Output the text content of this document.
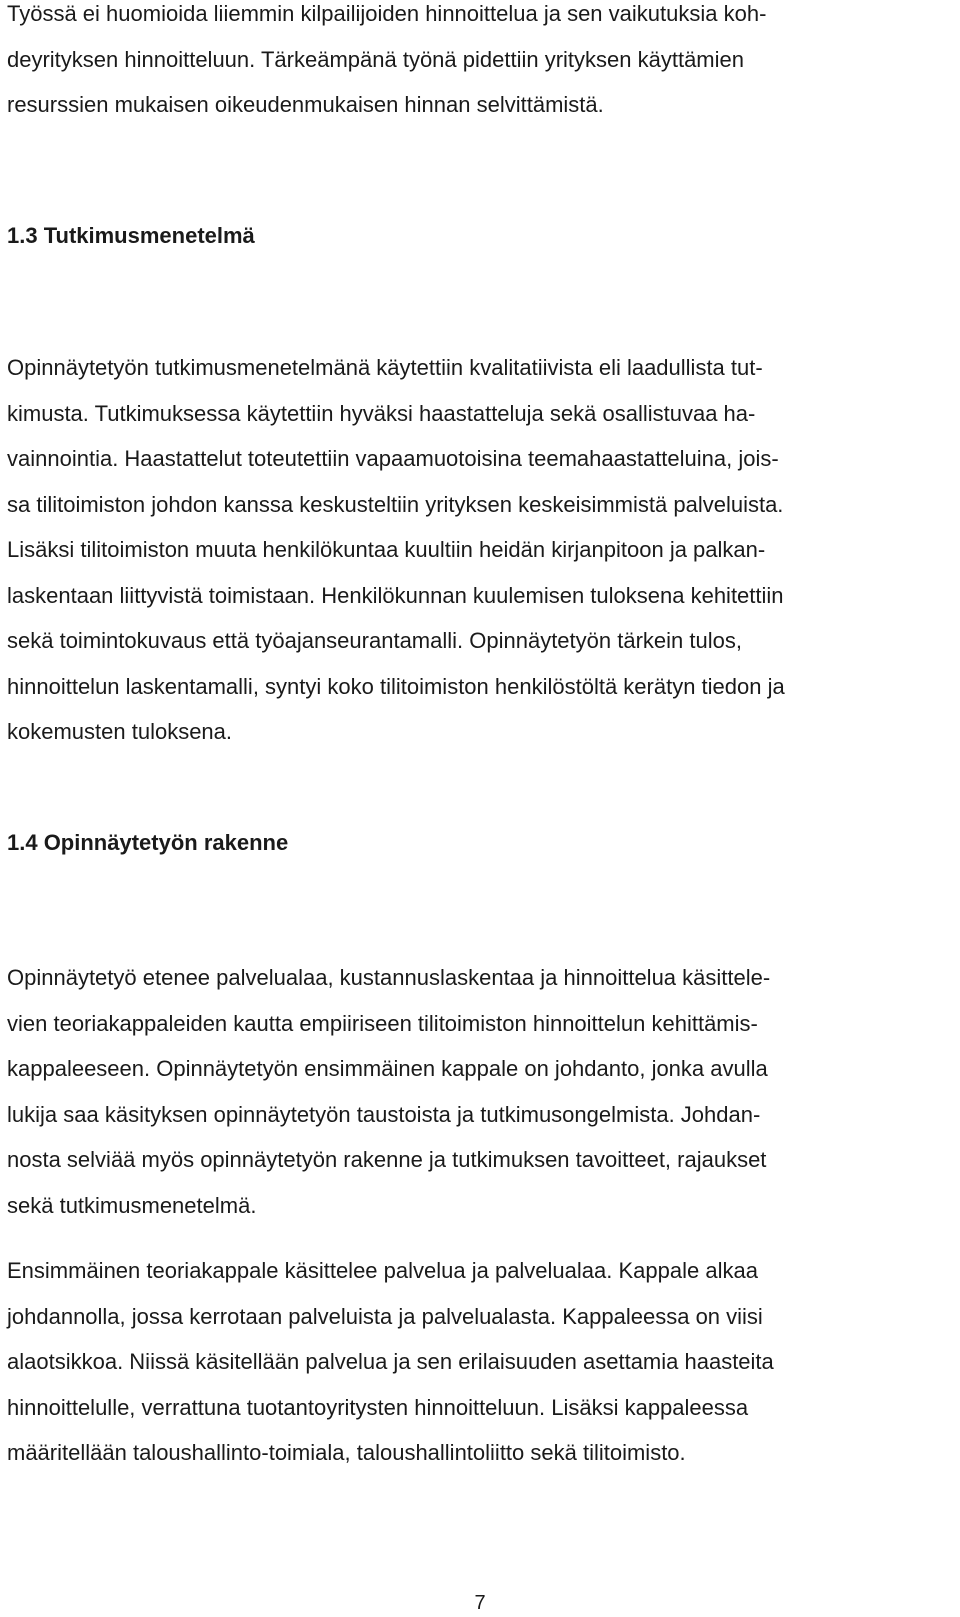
Työssä ei huomioida liiemmin kilpailijoiden hinnoittelua ja sen vaikutuksia koh-
deyrityksen hinnoitteluun. Tärkeämpänä työnä pidettiin yrityksen käyttämien
resurssien mukaisen oikeudenmukaisen hinnan selvittämistä.

1.3 Tutkimusmenetelmä

Opinnäytetyön tutkimusmenetelmänä käytettiin kvalitatiivista eli laadullista tut-
kimusta. Tutkimuksessa käytettiin hyväksi haastatteluja sekä osallistuvaa ha-
vainnointia. Haastattelut toteutettiin vapaamuotoisina teemahaastatteluina, jois-
sa tilitoimiston johdon kanssa keskusteltiin yrityksen keskeisimmistä palveluista.
Lisäksi tilitoimiston muuta henkilökuntaa kuultiin heidän kirjanpitoon ja palkan-
laskentaan liittyvistä toimistaan. Henkilökunnan kuulemisen tuloksena kehitettiin
sekä toimintokuvaus että työajanseurantamalli. Opinnäytetyön tärkein tulos,
hinnoittelun laskentamalli, syntyi koko tilitoimiston henkilöstöltä kerätyn tiedon ja
kokemusten tuloksena.

1.4 Opinnäytetyön rakenne

Opinnäytetyö etenee palvelualaa, kustannuslaskentaa ja hinnoittelua käsittele-
vien teoriakappaleiden kautta empiiriseen tilitoimiston hinnoittelun kehittämis-
kappaleeseen. Opinnäytetyön ensimmäinen kappale on johdanto, jonka avulla
lukija saa käsityksen opinnäytetyön taustoista ja tutkimusongelmista. Johdan-
nosta selviää myös opinnäytetyön rakenne ja tutkimuksen tavoitteet, rajaukset
sekä tutkimusmenetelmä.

Ensimmäinen teoriakappale käsittelee palvelua ja palvelualaa. Kappale alkaa
johdannolla, jossa kerrotaan palveluista ja palvelualasta. Kappaleessa on viisi
alaotsikkoa. Niissä käsitellään palvelua ja sen erilaisuuden asettamia haasteita
hinnoittelulle, verrattuna tuotantoyritysten hinnoitteluun. Lisäksi kappaleessa
määritellään taloushallinto-toimiala, taloushallintoliitto sekä tilitoimisto.

7
